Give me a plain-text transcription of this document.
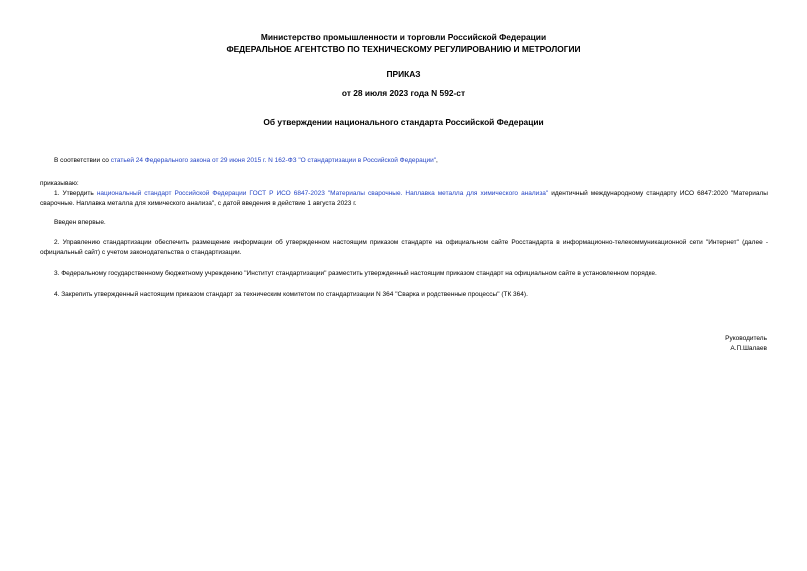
Министерство промышленности и торговли Российской Федерации
ФЕДЕРАЛЬНОЕ АГЕНТСТВО ПО ТЕХНИЧЕСКОМУ РЕГУЛИРОВАНИЮ И МЕТРОЛОГИИ
ПРИКАЗ
от 28 июля 2023 года N 592-ст
Об утверждении национального стандарта Российской Федерации
В соответствии со статьей 24 Федерального закона от 29 июня 2015 г. N 162-ФЗ "О стандартизации в Российской Федерации",
приказываю:
1. Утвердить национальный стандарт Российской Федерации ГОСТ Р ИСО 6847-2023 "Материалы сварочные. Наплавка металла для химического анализа" идентичный международному стандарту ИСО 6847:2020 "Материалы сварочные. Наплавка металла для химического анализа", с датой введения в действие 1 августа 2023 г.
Введен впервые.
2. Управлению стандартизации обеспечить размещение информации об утвержденном настоящим приказом стандарте на официальном сайте Росстандарта в информационно-телекоммуникационной сети "Интернет" (далее - официальный сайт) с учетом законодательства о стандартизации.
3. Федеральному государственному бюджетному учреждению "Институт стандартизации" разместить утвержденный настоящим приказом стандарт на официальном сайте в установленном порядке.
4. Закрепить утвержденный настоящим приказом стандарт за техническим комитетом по стандартизации N 364 "Сварка и родственные процессы" (ТК 364).
Руководитель
А.П.Шалаев
